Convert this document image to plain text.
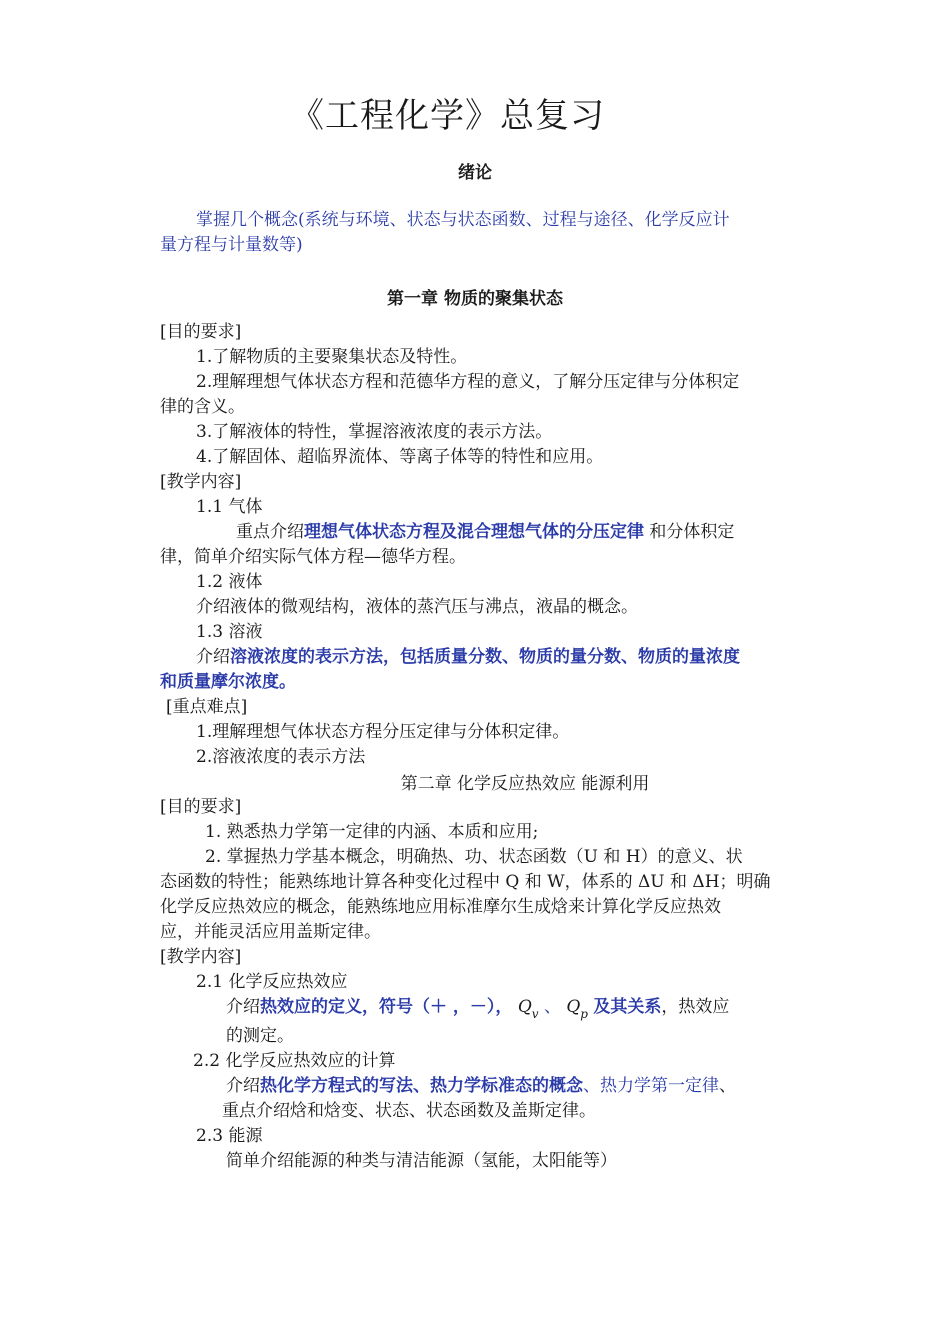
《工程化学》总复习
绪论
掌握几个概念(系统与环境、状态与状态函数、过程与途径、化学反应计
量方程与计量数等)
第一章 物质的聚集状态
[目的要求]
1.了解物质的主要聚集状态及特性。
2.理解理想气体状态方程和范德华方程的意义，了解分压定律与分体积定
律的含义。
3.了解液体的特性，掌握溶液浓度的表示方法。
4.了解固体、超临界流体、等离子体等的特性和应用。
[教学内容]
1.1 气体
重点介绍理想气体状态方程及混合理想气体的分压定律 和分体积定
律，简单介绍实际气体方程—德华方程。
1.2 液体
介绍液体的微观结构，液体的蒸汽压与沸点，液晶的概念。
1.3 溶液
介绍溶液浓度的表示方法，包括质量分数、物质的量分数、物质的量浓度
和质量摩尔浓度。
[重点难点]
1.理解理想气体状态方程分压定律与分体积定律。
2.溶液浓度的表示方法
第二章 化学反应热效应 能源利用
[目的要求]
1. 熟悉热力学第一定律的内涵、本质和应用;
2. 掌握热力学基本概念，明确热、功、状态函数（U 和 H）的意义、状
态函数的特性；能熟练地计算各种变化过程中 Q 和 W，体系的 ΔU 和 ΔH；明确
化学反应热效应的概念，能熟练地应用标准摩尔生成焓来计算化学反应热效
应，并能灵活应用盖斯定律。
[教学内容]
2.1 化学反应热效应
介绍热效应的定义，符号（＋ ，－）， $Q_v$ 、 $Q_p$ 及其关系，热效应
的测定。
2.2 化学反应热效应的计算
介绍热化学方程式的写法、热力学标准态的概念、热力学第一定律、
重点介绍焓和焓变、状态、状态函数及盖斯定律。
2.3 能源
简单介绍能源的种类与清洁能源（氢能，太阳能等）
